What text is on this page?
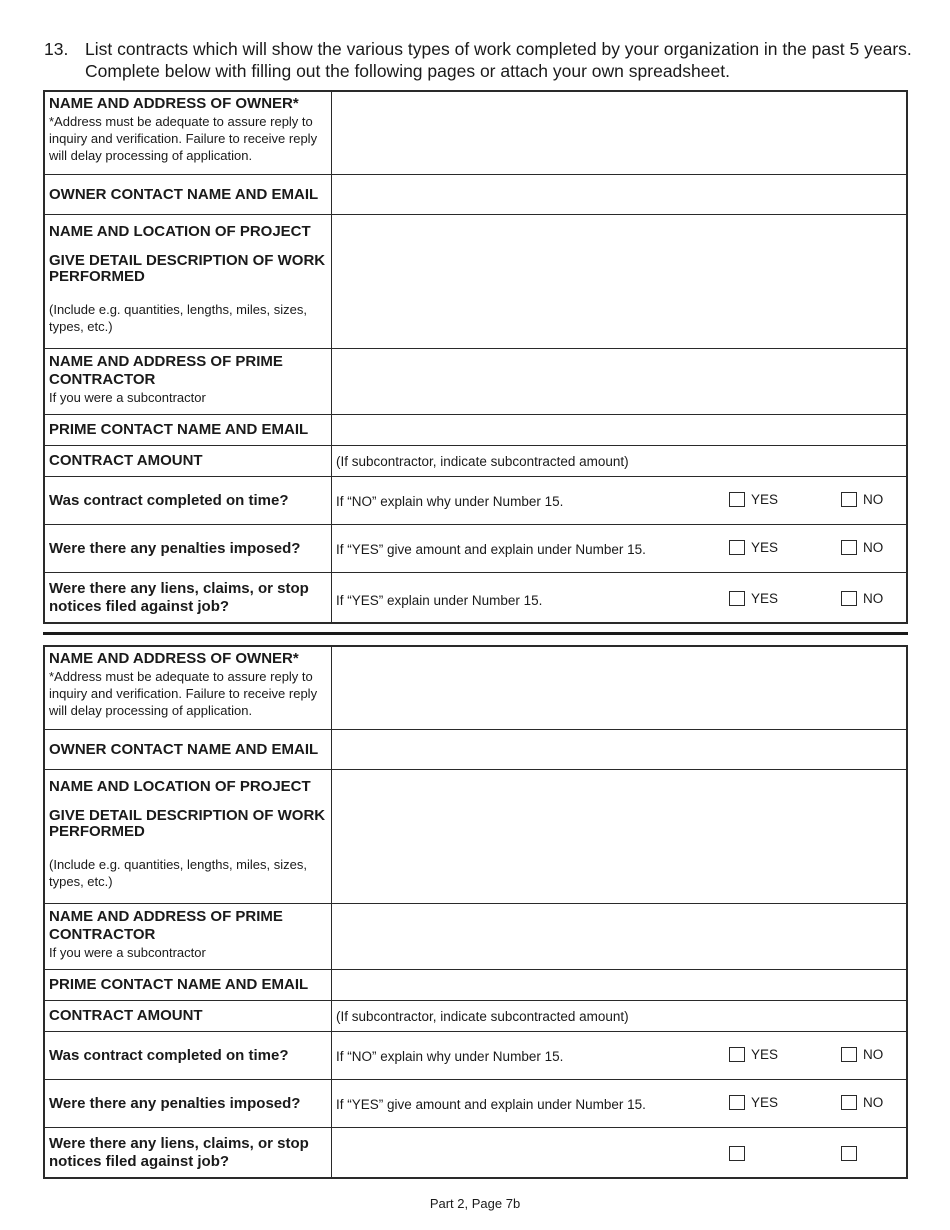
13. List contracts which will show the various types of work completed by your organization in the past 5 years. Complete below with filling out the following pages or attach your own spreadsheet.
NAME AND ADDRESS OF OWNER*
*Address must be adequate to assure reply to inquiry and verification. Failure to receive reply will delay processing of application.
OWNER CONTACT NAME AND EMAIL
NAME AND LOCATION OF PROJECT
GIVE DETAIL DESCRIPTION OF WORK PERFORMED
(Include e.g. quantities, lengths, miles, sizes, types, etc.)
NAME AND ADDRESS OF PRIME CONTRACTOR
If you were a subcontractor
PRIME CONTACT NAME AND EMAIL
CONTRACT AMOUNT	(If subcontractor, indicate subcontracted amount)
Was contract completed on time?	If “NO” explain why under Number 15.	YES	NO
Were there any penalties imposed?	If “YES” give amount and explain under Number 15.	YES	NO
Were there any liens, claims, or stop notices filed against job?	If “YES” explain under Number 15.	YES	NO
NAME AND ADDRESS OF OWNER*
*Address must be adequate to assure reply to inquiry and verification. Failure to receive reply will delay processing of application.
OWNER CONTACT NAME AND EMAIL
NAME AND LOCATION OF PROJECT
GIVE DETAIL DESCRIPTION OF WORK PERFORMED
(Include e.g. quantities, lengths, miles, sizes, types, etc.)
NAME AND ADDRESS OF PRIME CONTRACTOR
If you were a subcontractor
PRIME CONTACT NAME AND EMAIL
CONTRACT AMOUNT	(If subcontractor, indicate subcontracted amount)
Was contract completed on time?	If “NO” explain why under Number 15.	YES	NO
Were there any penalties imposed?	If “YES” give amount and explain under Number 15.	YES	NO
Were there any liens, claims, or stop notices filed against job?
Part 2, Page 7b
